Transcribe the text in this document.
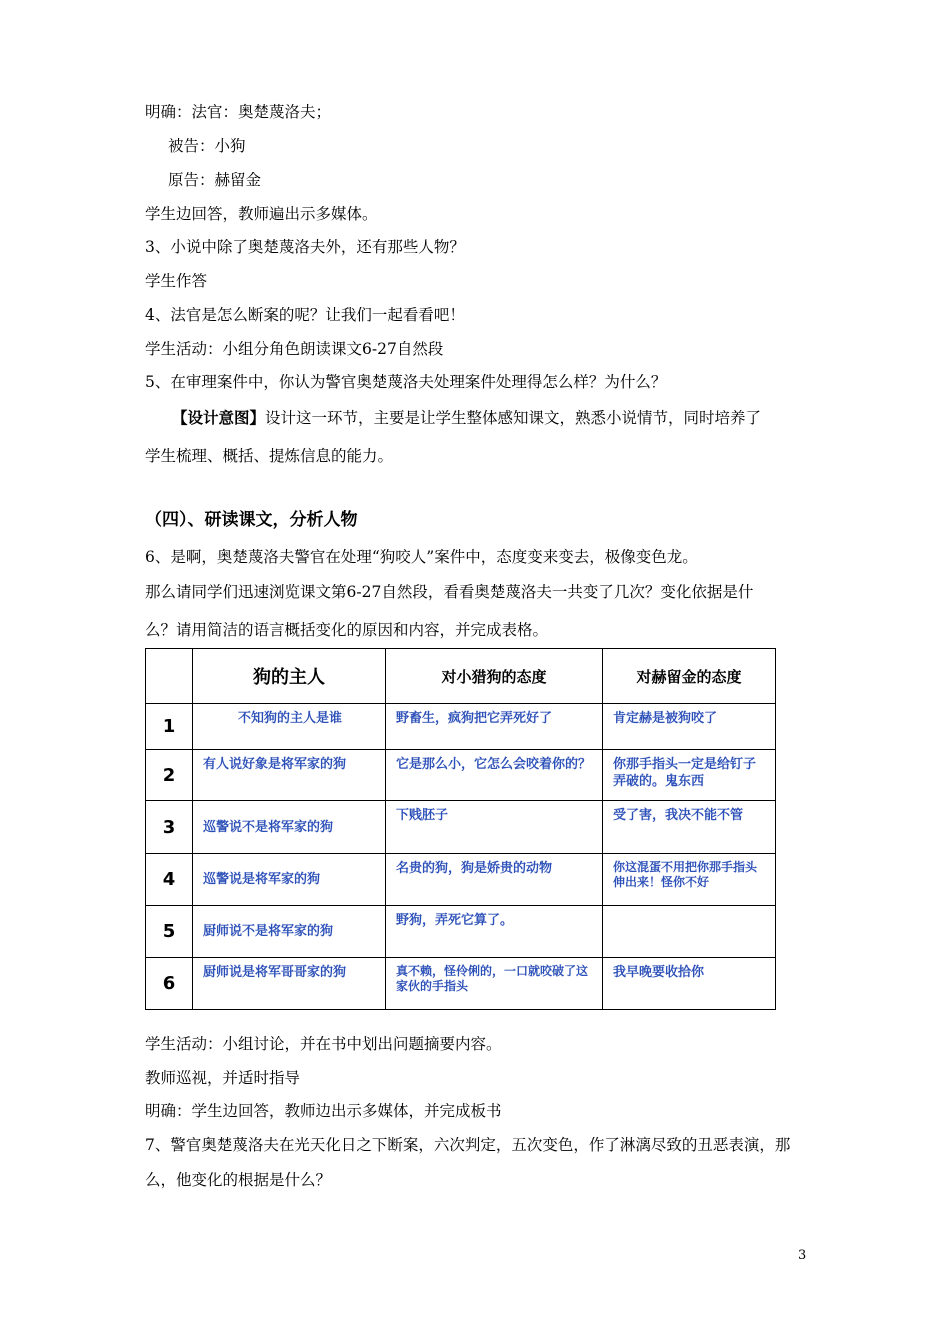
明确：法官：奥楚蔑洛夫；
被告：小狗
原告：赫留金
学生边回答，教师遍出示多媒体。
3、小说中除了奥楚蔑洛夫外，还有那些人物？
学生作答
4、法官是怎么断案的呢？让我们一起看看吧！
学生活动：小组分角色朗读课文6-27自然段
5、在审理案件中，你认为警官奥楚蔑洛夫处理案件处理得怎么样？为什么？
【设计意图】设计这一环节，主要是让学生整体感知课文，熟悉小说情节，同时培养了
学生梳理、概括、提炼信息的能力。
（四）、研读课文，分析人物
6、是啊，奥楚蔑洛夫警官在处理“狗咬人”案件中，态度变来变去，极像变色龙。
那么请同学们迅速浏览课文第6-27自然段，看看奥楚蔑洛夫一共变了几次？变化依据是什
么？请用简洁的语言概括变化的原因和内容，并完成表格。
	狗的主人	对小猎狗的态度	对赫留金的态度
1	不知狗的主人是谁	野畜生，疯狗把它弄死好了	肯定赫是被狗咬了
2	有人说好象是将军家的狗	它是那么小，它怎么会咬着你的？	你那手指头一定是给钉子弄破的。鬼东西
3	巡警说不是将军家的狗	下贱胚子	受了害，我决不能不管
4	巡警说是将军家的狗	名贵的狗，狗是娇贵的动物	你这混蛋不用把你那手指头伸出来！怪你不好
5	厨师说不是将军家的狗	野狗，弄死它算了。	
6	厨师说是将军哥哥家的狗	真不赖，怪伶俐的，一口就咬破了这家伙的手指头	我早晚要收拾你
学生活动：小组讨论，并在书中划出问题摘要内容。
教师巡视，并适时指导
明确：学生边回答，教师边出示多媒体，并完成板书
7、警官奥楚蔑洛夫在光天化日之下断案，六次判定，五次变色，作了淋漓尽致的丑恶表演，那
么，他变化的根据是什么？
3
